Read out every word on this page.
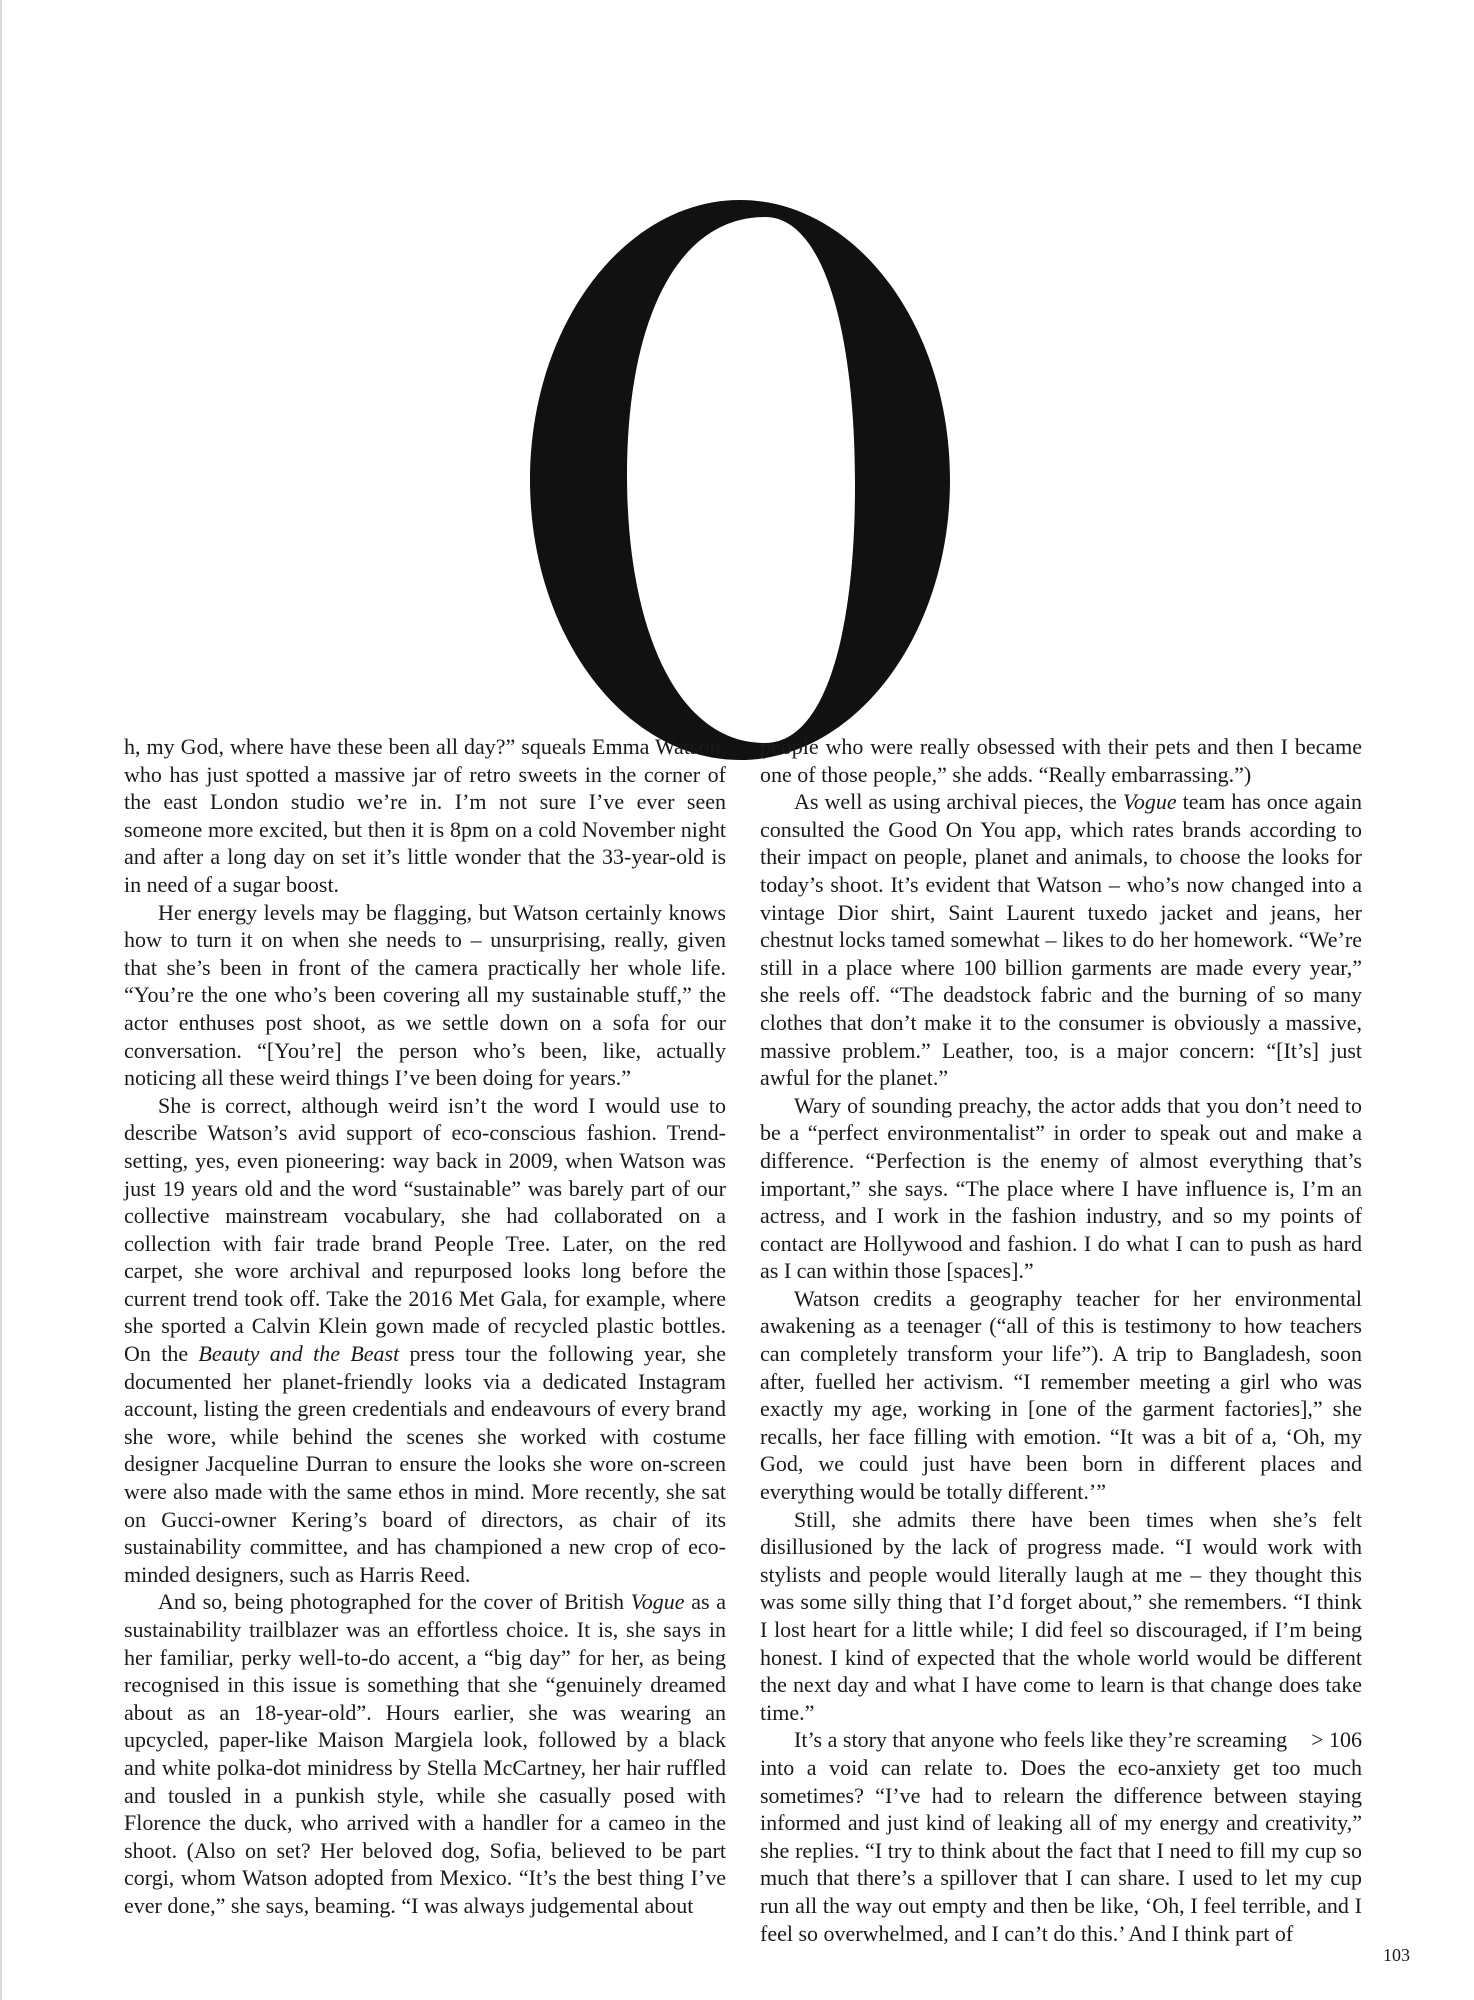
h, my God, where have these been all day?” squeals Emma Watson, who has just spotted a massive jar of retro sweets in the corner of the east London studio we’re in. I’m not sure I’ve ever seen someone more excited, but then it is 8pm on a cold November night and after a long day on set it’s little wonder that the 33-year-old is in need of a sugar boost.

Her energy levels may be flagging, but Watson certainly knows how to turn it on when she needs to – unsurprising, really, given that she’s been in front of the camera practically her whole life. “You’re the one who’s been covering all my sustainable stuff,” the actor enthuses post shoot, as we settle down on a sofa for our conversation. “[You’re] the person who’s been, like, actually noticing all these weird things I’ve been doing for years.”

She is correct, although weird isn’t the word I would use to describe Watson’s avid support of eco-conscious fashion. Trend-setting, yes, even pioneering: way back in 2009, when Watson was just 19 years old and the word “sustainable” was barely part of our collective mainstream vocabulary, she had collaborated on a collection with fair trade brand People Tree. Later, on the red carpet, she wore archival and repurposed looks long before the current trend took off. Take the 2016 Met Gala, for example, where she sported a Calvin Klein gown made of recycled plastic bottles. On the Beauty and the Beast press tour the following year, she documented her planet-friendly looks via a dedicated Instagram account, listing the green credentials and endeavours of every brand she wore, while behind the scenes she worked with costume designer Jacqueline Durran to ensure the looks she wore on-screen were also made with the same ethos in mind. More recently, she sat on Gucci-owner Kering’s board of directors, as chair of its sustainability committee, and has championed a new crop of eco-minded designers, such as Harris Reed.

And so, being photographed for the cover of British Vogue as a sustainability trailblazer was an effortless choice. It is, she says in her familiar, perky well-to-do accent, a “big day” for her, as being recognised in this issue is something that she “genuinely dreamed about as an 18-year-old”. Hours earlier, she was wearing an upcycled, paper-like Maison Margiela look, followed by a black and white polka-dot minidress by Stella McCartney, her hair ruffled and tousled in a punkish style, while she casually posed with Florence the duck, who arrived with a handler for a cameo in the shoot. (Also on set? Her beloved dog, Sofia, believed to be part corgi, whom Watson adopted from Mexico. “It’s the best thing I’ve ever done,” she says, beaming. “I was always judgemental about

people who were really obsessed with their pets and then I became one of those people,” she adds. “Really embarrassing.”)

As well as using archival pieces, the Vogue team has once again consulted the Good On You app, which rates brands according to their impact on people, planet and animals, to choose the looks for today’s shoot. It’s evident that Watson – who’s now changed into a vintage Dior shirt, Saint Laurent tuxedo jacket and jeans, her chestnut locks tamed somewhat – likes to do her homework. “We’re still in a place where 100 billion garments are made every year,” she reels off. “The deadstock fabric and the burning of so many clothes that don’t make it to the consumer is obviously a massive, massive problem.” Leather, too, is a major concern: “[It’s] just awful for the planet.”

Wary of sounding preachy, the actor adds that you don’t need to be a “perfect environmentalist” in order to speak out and make a difference. “Perfection is the enemy of almost everything that’s important,” she says. “The place where I have influence is, I’m an actress, and I work in the fashion industry, and so my points of contact are Hollywood and fashion. I do what I can to push as hard as I can within those [spaces].”

Watson credits a geography teacher for her environmental awakening as a teenager (“all of this is testimony to how teachers can completely transform your life”). A trip to Bangladesh, soon after, fuelled her activism. “I remember meeting a girl who was exactly my age, working in [one of the garment factories],” she recalls, her face filling with emotion. “It was a bit of a, ‘Oh, my God, we could just have been born in different places and everything would be totally different.’”

Still, she admits there have been times when she’s felt disillusioned by the lack of progress made. “I would work with stylists and people would literally laugh at me – they thought this was some silly thing that I’d forget about,” she remembers. “I think I lost heart for a little while; I did feel so discouraged, if I’m being honest. I kind of expected that the whole world would be different the next day and what I have come to learn is that change does take time.”

> 106
It’s a story that anyone who feels like they’re screaming into a void can relate to. Does the eco-anxiety get too much sometimes? “I’ve had to relearn the difference between staying informed and just kind of leaking all of my energy and creativity,” she replies. “I try to think about the fact that I need to fill my cup so much that there’s a spillover that I can share. I used to let my cup run all the way out empty and then be like, ‘Oh, I feel terrible, and I feel so overwhelmed, and I can’t do this.’ And I think part of

103
